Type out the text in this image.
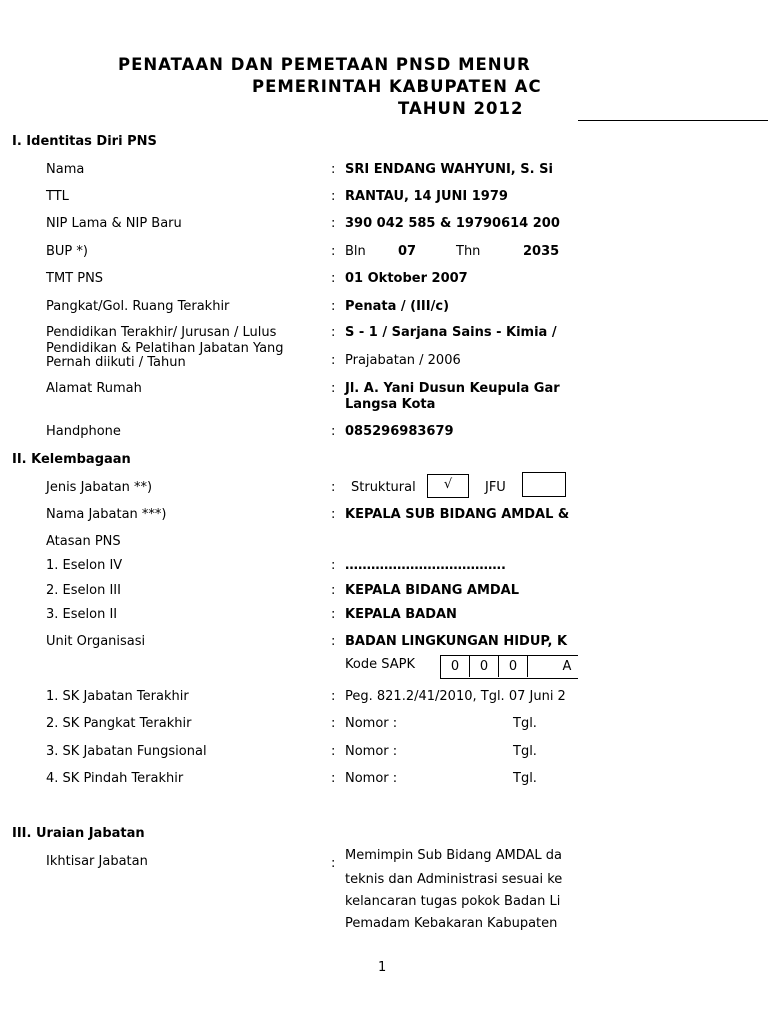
PENATAAN DAN PEMETAAN PNSD MENUR
PEMERINTAH KABUPATEN AC
TAHUN 2012
I. Identitas Diri PNS
Nama	: SRI ENDANG WAHYUNI, S. Si
TTL	: RANTAU, 14 JUNI 1979
NIP Lama & NIP Baru	: 390 042 585 & 19790614 200
BUP *)	: Bln 07	Thn	2035
TMT PNS	: 01 Oktober 2007
Pangkat/Gol. Ruang Terakhir	: Penata / (III/c)
Pendidikan Terakhir/ Jurusan / Lulus	: S - 1 / Sarjana Sains - Kimia /
Pendidikan & Pelatihan Jabatan Yang
Pernah diikuti / Tahun	: Prajabatan / 2006
Alamat Rumah	: Jl. A. Yani Dusun Keupula Gar
Langsa Kota
Handphone	: 085296983679
II. Kelembagaan
Jenis Jabatan **)	: Struktural	√	JFU
Nama Jabatan ***)	: KEPALA SUB BIDANG AMDAL &
Atasan PNS
1. Eselon IV	: ……………………………….
2. Eselon III	: KEPALA BIDANG AMDAL
3. Eselon II	: KEPALA BADAN
Unit Organisasi	: BADAN LINGKUNGAN HIDUP, K
Kode SAPK	0	0	0	A
1. SK Jabatan Terakhir	: Peg. 821.2/41/2010, Tgl. 07 Juni 2
2. SK Pangkat Terakhir	: Nomor :	Tgl.
3. SK Jabatan Fungsional	: Nomor :	Tgl.
4. SK Pindah Terakhir	: Nomor :	Tgl.
III. Uraian Jabatan
Ikhtisar Jabatan	:
Memimpin Sub Bidang AMDAL da
teknis dan Administrasi sesuai ke
kelancaran tugas pokok Badan Li
Pemadam Kebakaran Kabupaten
1
